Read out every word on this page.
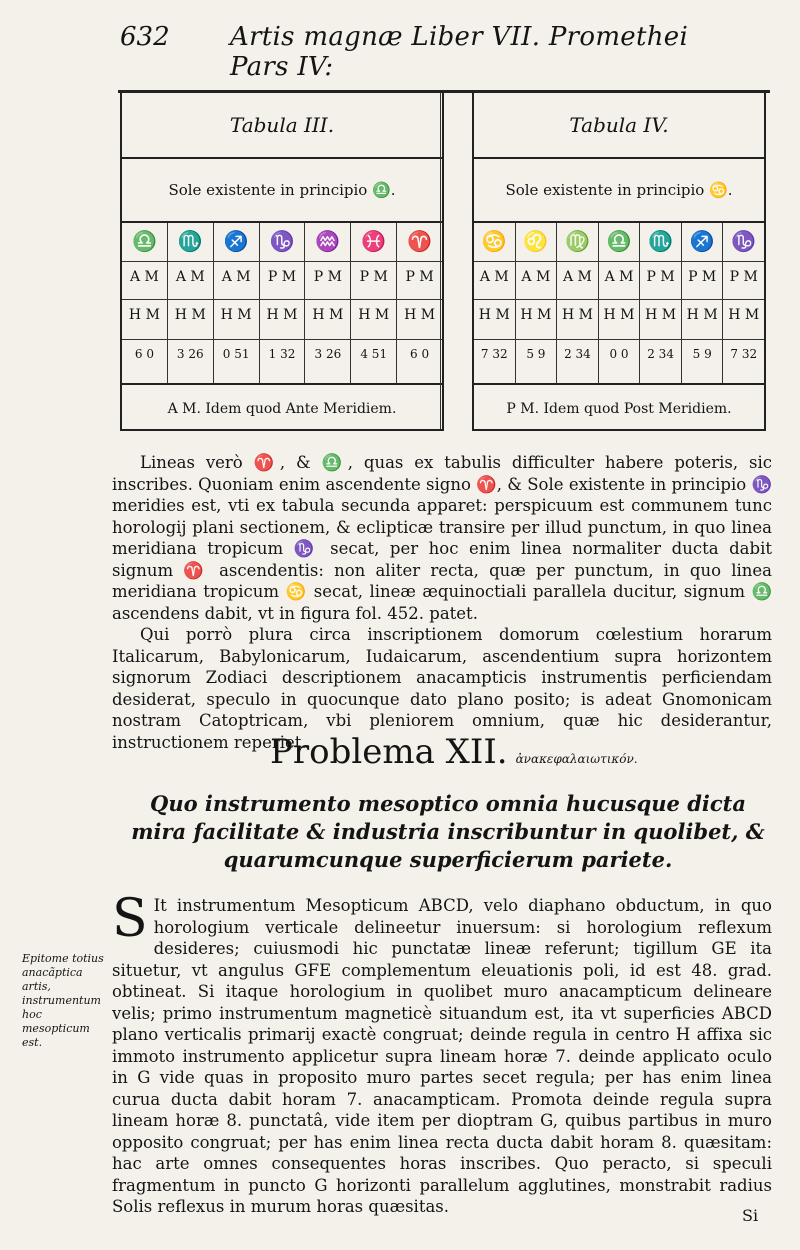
632 Artis magnæ Liber VII. Promethei Pars IV:
Tabula III.
Sole existente in principio ♎.
♎
A M
H M
6 0
♏
A M
H M
3 26
♐
A M
H M
0 51
♑
P M
H M
1 32
♒
P M
H M
3 26
♓
P M
H M
4 51
♈
P M
H M
6 0
A M. Idem quod Ante Meridiem.
Tabula IV.
Sole existente in principio ♋.
♋
A M
H M
7 32
♌
A M
H M
5 9
♍
A M
H M
2 34
♎
A M
H M
0 0
♏
P M
H M
2 34
♐
P M
H M
5 9
♑
P M
H M
7 32
P M. Idem quod Post Meridiem.

Lineas verò ♈, & ♎, quas ex tabulis difficulter habere poteris, sic inscribes. Quoniam enim ascendente signo ♈, & Sole existente in principio ♑ meridies est, vti ex tabula secunda apparet: perspicuum est communem tunc horologij plani sectionem, & eclipticæ transire per illud punctum, in quo linea meridiana tropicum ♑ secat, per hoc enim linea normaliter ducta dabit signum ♈ ascendentis: non aliter recta, quæ per punctum, in quo linea meridiana tropicum ♋ secat, lineæ æquinoctiali parallela ducitur, signum ♎ ascendens dabit, vt in figura fol. 452. patet.

Qui porrò plura circa inscriptionem domorum cœlestium horarum Italicarum, Babylonicarum, Iudaicarum, ascendentium supra horizontem signorum Zodiaci descriptionem anacampticis instrumentis perficiendam desiderat, speculo in quocunque dato plano posito; is adeat Gnomonicam nostram Catoptricam, vbi pleniorem omnium, quæ hic desiderantur, instructionem reperiet.

Problema XII. ἀνακεφαλαιωτικόν.
Quo instrumento mesoptico omnia hucusque dicta mira facilitate & industria inscribuntur in quolibet, & quarumcunque superficierum pariete.
Epitome totius anacãptica artis, instrumentum hoc mesopticum est.

S It instrumentum Mesopticum ABCD, velo diaphano obductum, in quo horologium verticale delineetur inuersum: si horologium reflexum desideres; cuiusmodi hic punctatæ lineæ referunt; tigillum GE ita situetur, vt angulus GFE complementum eleuationis poli, id est 48. grad. obtineat. Si itaque horologium in quolibet muro anacampticum delineare velis; primo instrumentum magneticè situandum est, ita vt superficies ABCD plano verticalis primarij exactè congruat; deinde regula in centro H affixa sic immoto instrumento applicetur supra lineam horæ 7. deinde applicato oculo in G vide quas in proposito muro partes secet regula; per has enim linea curua ducta dabit horam 7. anacampticam. Promota deinde regula supra lineam horæ 8. punctatâ, vide item per dioptram G, quibus partibus in muro opposito congruat; per has enim linea recta ducta dabit horam 8. quæsitam: hac arte omnes consequentes horas inscribes. Quo peracto, si speculi fragmentum in puncto G horizonti parallelum agglutines, monstrabit radius Solis reflexus in murum horas quæsitas.	Si
